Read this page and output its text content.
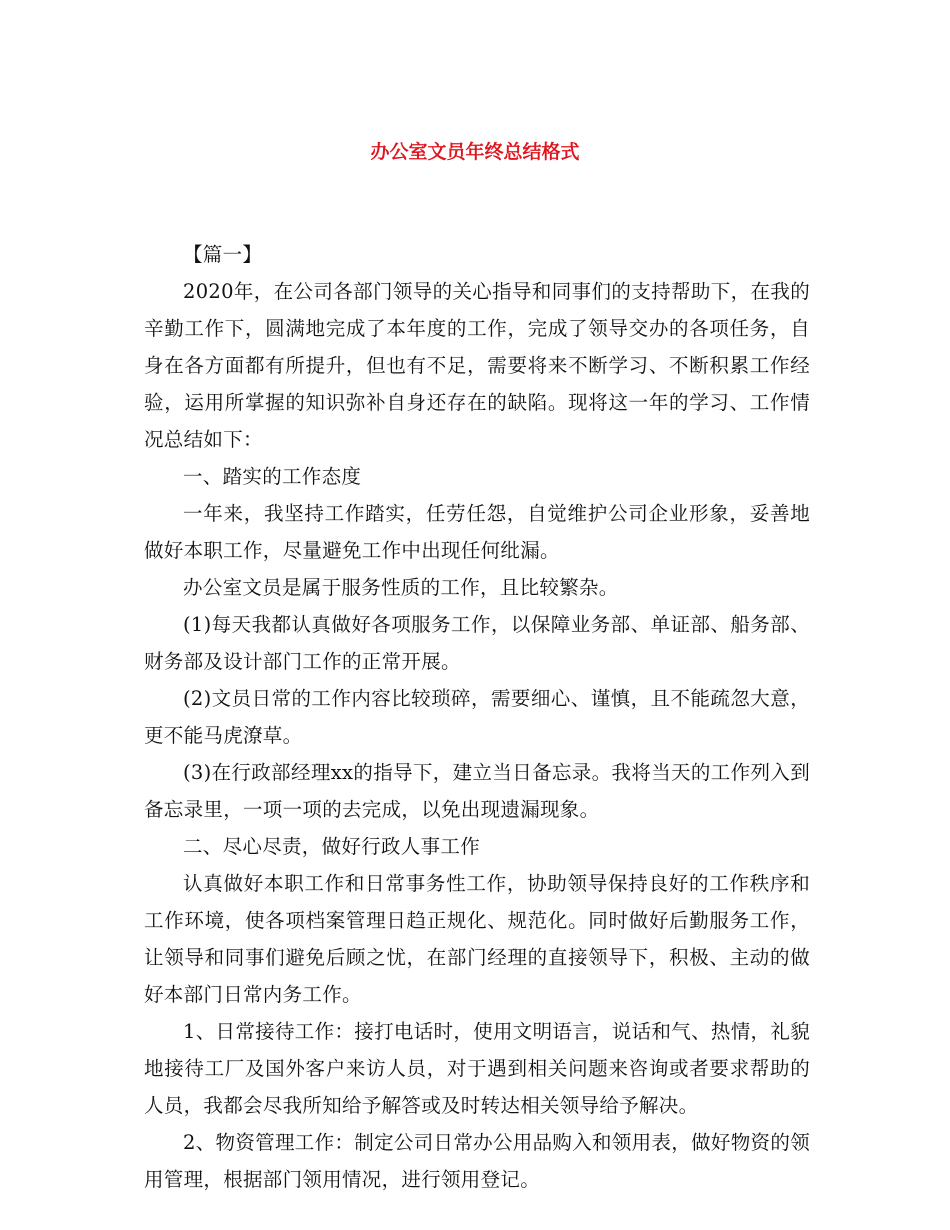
办公室文员年终总结格式

【篇一】

2020年，在公司各部门领导的关心指导和同事们的支持帮助下，在我的辛勤工作下，圆满地完成了本年度的工作，完成了领导交办的各项任务，自身在各方面都有所提升，但也有不足，需要将来不断学习、不断积累工作经验，运用所掌握的知识弥补自身还存在的缺陷。现将这一年的学习、工作情况总结如下：

一、踏实的工作态度

一年来，我坚持工作踏实，任劳任怨，自觉维护公司企业形象，妥善地做好本职工作，尽量避免工作中出现任何纰漏。

办公室文员是属于服务性质的工作，且比较繁杂。

(1)每天我都认真做好各项服务工作，以保障业务部、单证部、船务部、财务部及设计部门工作的正常开展。

(2)文员日常的工作内容比较琐碎，需要细心、谨慎，且不能疏忽大意，更不能马虎潦草。

(3)在行政部经理xx的指导下，建立当日备忘录。我将当天的工作列入到备忘录里，一项一项的去完成，以免出现遗漏现象。

二、尽心尽责，做好行政人事工作

认真做好本职工作和日常事务性工作，协助领导保持良好的工作秩序和工作环境，使各项档案管理日趋正规化、规范化。同时做好后勤服务工作，让领导和同事们避免后顾之忧，在部门经理的直接领导下，积极、主动的做好本部门日常内务工作。

1、日常接待工作：接打电话时，使用文明语言，说话和气、热情，礼貌地接待工厂及国外客户来访人员，对于遇到相关问题来咨询或者要求帮助的人员，我都会尽我所知给予解答或及时转达相关领导给予解决。

2、物资管理工作：制定公司日常办公用品购入和领用表，做好物资的领用管理，根据部门领用情况，进行领用登记。
